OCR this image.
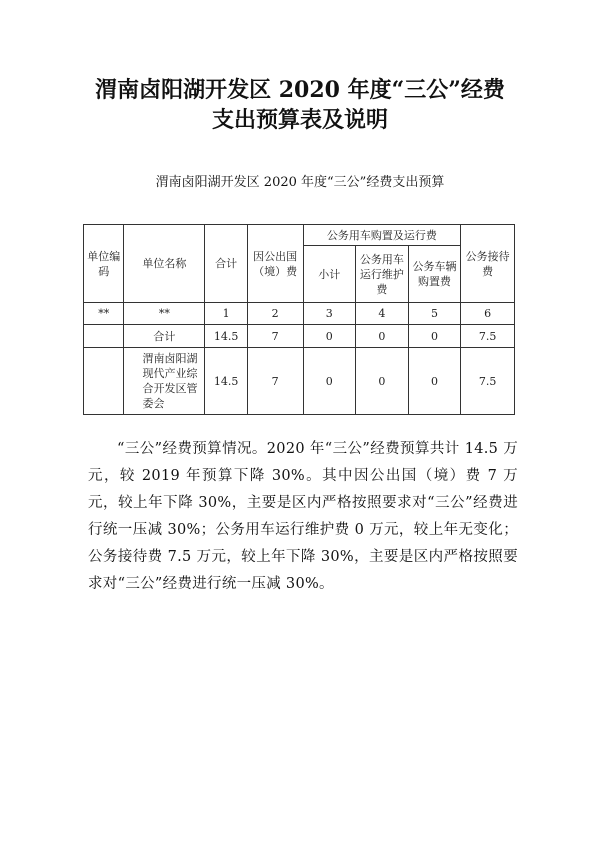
渭南卤阳湖开发区 2020 年度“三公”经费
支出预算表及说明
渭南卤阳湖开发区 2020 年度“三公”经费支出预算
单位编码	单位名称	合计	因公出国（境）费	公务用车购置及运行费			公务接待费
				小计	公务用车运行维护费	公务车辆购置费	
**	**	1	2	3	4	5	6
	合计	14.5	7	0	0	0	7.5
	渭南卤阳湖现代产业综合开发区管委会	14.5	7	0	0	0	7.5

“三公”经费预算情况。2020 年“三公”经费预算共计 14.5 万元，较 2019 年预算下降 30%。其中因公出国（境）费 7 万元，较上年下降 30%，主要是区内严格按照要求对“三公”经费进行统一压减 30%；公务用车运行维护费 0 万元，较上年无变化；公务接待费 7.5 万元，较上年下降 30%，主要是区内严格按照要求对“三公”经费进行统一压减 30%。
